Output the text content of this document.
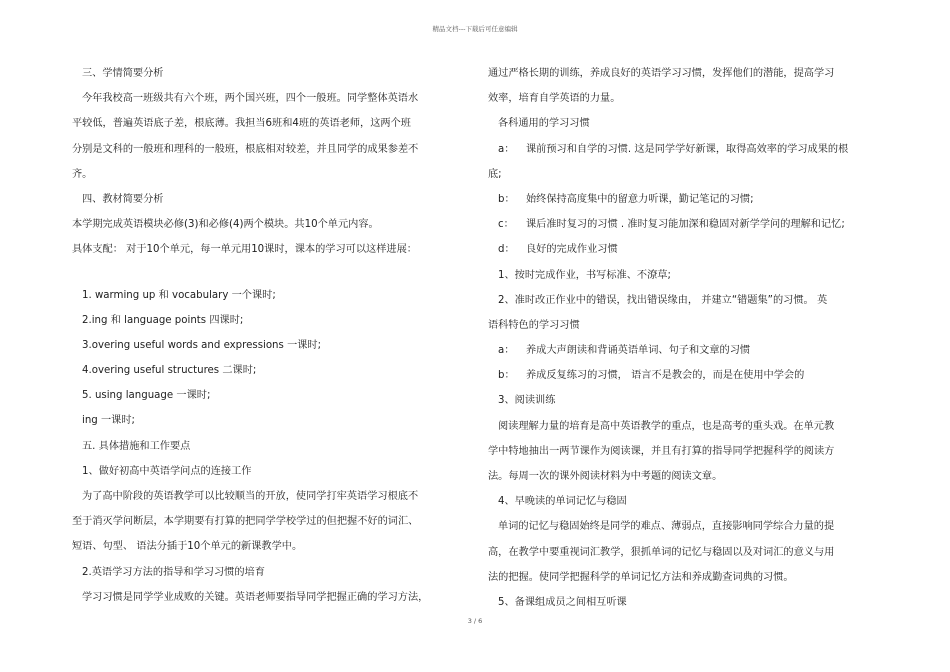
精品文档---下载后可任意编辑
三、学情简要分析
今年我校高一班级共有六个班，两个国兴班，四个一般班。同学整体英语水
平较低，普遍英语底子差，根底薄。我担当6班和4班的英语老师，这两个班
分别是文科的一般班和理科的一般班，根底相对较差，并且同学的成果参差不
齐。
四、教材简要分析
本学期完成英语模块必修(3)和必修(4)两个模块。共10个单元内容。
具体支配： 对于10个单元，每一单元用10课时，课本的学习可以这样进展：
1. warming up 和 vocabulary 一个课时;
2.ing 和 language points 四课时;
3.overing useful words and expressions 一课时;
4.overing useful structures 二课时;
5. using language 一课时;
ing 一课时;
五. 具体措施和工作要点
1、做好初高中英语学问点的连接工作
为了高中阶段的英语教学可以比较顺当的开放，使同学打牢英语学习根底不
至于消灭学问断层，本学期要有打算的把同学学校学过的但把握不好的词汇、
短语、句型、 语法分插于10个单元的新课教学中。
2.英语学习方法的指导和学习习惯的培育
学习习惯是同学学业成败的关键。英语老师要指导同学把握正确的学习方法，
通过严格长期的训练，养成良好的英语学习习惯，发挥他们的潜能，提高学习
效率，培育自学英语的力量。
各科通用的学习习惯
a： 课前预习和自学的习惯. 这是同学学好新课，取得高效率的学习成果的根
底;
b： 始终保持高度集中的留意力听课，勤记笔记的习惯;
c： 课后准时复习的习惯 . 准时复习能加深和稳固对新学学问的理解和记忆;
d： 良好的完成作业习惯
1、按时完成作业，书写标准、不潦草;
2、准时改正作业中的错误，找出错误缘由， 并建立“错题集”的习惯。 英
语科特色的学习习惯
a： 养成大声朗读和背诵英语单词、句子和文章的习惯
b： 养成反复练习的习惯， 语言不是教会的，而是在使用中学会的
3、阅读训练
阅读理解力量的培育是高中英语教学的重点，也是高考的重头戏。在单元教
学中特地抽出一两节课作为阅读课，并且有打算的指导同学把握科学的阅读方
法。每周一次的课外阅读材料为中考题的阅读文章。
4、早晚读的单词记忆与稳固
单词的记忆与稳固始终是同学的难点、薄弱点，直接影响同学综合力量的提
高，在教学中要重视词汇教学，狠抓单词的记忆与稳固以及对词汇的意义与用
法的把握。使同学把握科学的单词记忆方法和养成勤查词典的习惯。
5、备课组成员之间相互听课
3 / 6
